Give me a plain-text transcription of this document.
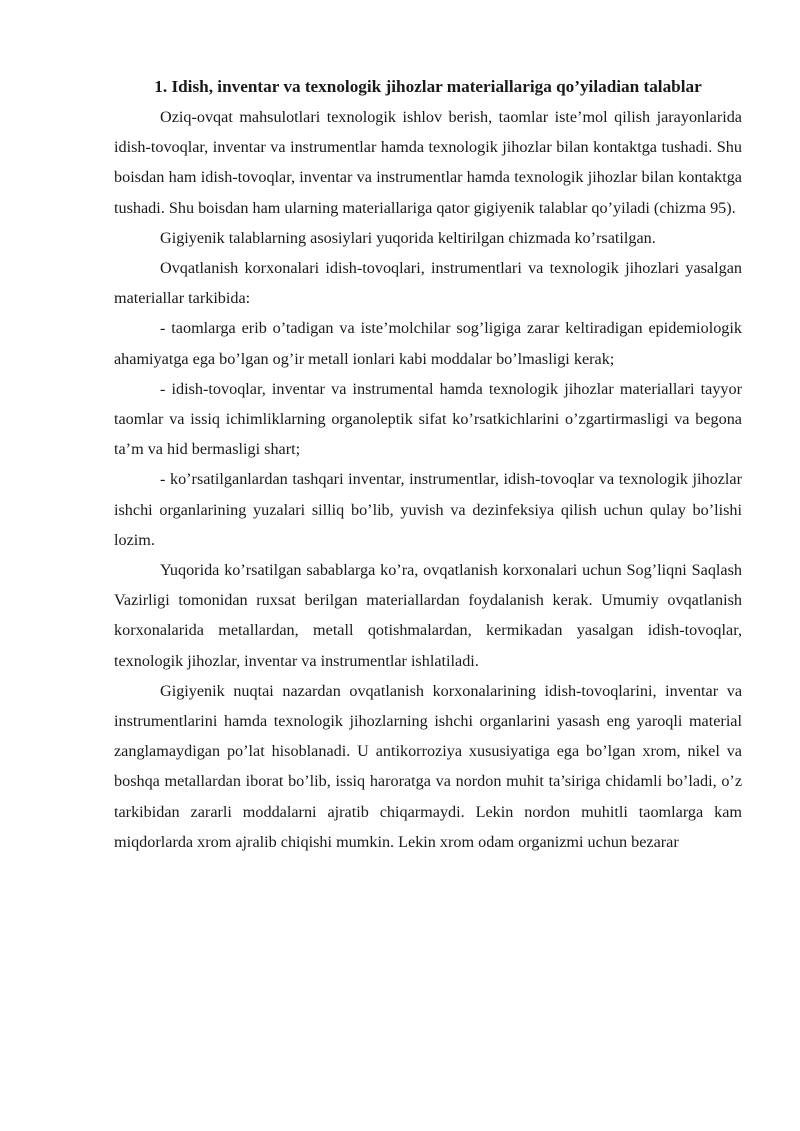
1. Idish, inventar va texnologik jihozlar materiallariga qo’yiladian talablar

Oziq-ovqat mahsulotlari texnologik ishlov berish, taomlar iste’mol qilish jarayonlarida idish-tovoqlar, inventar va instrumentlar hamda texnologik jihozlar bilan kontaktga tushadi. Shu boisdan ham idish-tovoqlar, inventar va instrumentlar hamda texnologik jihozlar bilan kontaktga tushadi. Shu boisdan ham ularning materiallariga qator gigiyenik talablar qo’yiladi (chizma 95).

Gigiyenik talablarning asosiylari yuqorida keltirilgan chizmada ko’rsatilgan.

Ovqatlanish korxonalari idish-tovoqlari, instrumentlari va texnologik jihozlari yasalgan materiallar tarkibida:

- taomlarga erib o’tadigan va iste’molchilar sog’ligiga zarar keltiradigan epidemiologik ahamiyatga ega bo’lgan og’ir metall ionlari kabi moddalar bo’lmasligi kerak;

- idish-tovoqlar, inventar va instrumental hamda texnologik jihozlar materiallari tayyor taomlar va issiq ichimliklarning organoleptik sifat ko’rsatkichlarini o’zgartirmasligi va begona ta’m va hid bermasligi shart;

- ko’rsatilganlardan tashqari inventar, instrumentlar, idish-tovoqlar va texnologik jihozlar ishchi organlarining yuzalari silliq bo’lib, yuvish va dezinfeksiya qilish uchun qulay bo’lishi lozim.

Yuqorida ko’rsatilgan sabablarga ko’ra, ovqatlanish korxonalari uchun Sog’liqni Saqlash Vazirligi tomonidan ruxsat berilgan materiallardan foydalanish kerak. Umumiy ovqatlanish korxonalarida metallardan, metall qotishmalardan, kermikadan yasalgan idish-tovoqlar, texnologik jihozlar, inventar va instrumentlar ishlatiladi.

Gigiyenik nuqtai nazardan ovqatlanish korxonalarining idish-tovoqlarini, inventar va instrumentlarini hamda texnologik jihozlarning ishchi organlarini yasash eng yaroqli material zanglamaydigan po’lat hisoblanadi. U antikorroziya xususiyatiga ega bo’lgan xrom, nikel va boshqa metallardan iborat bo’lib, issiq haroratga va nordon muhit ta’siriga chidamli bo’ladi, o’z tarkibidan zararli moddalarni ajratib chiqarmaydi. Lekin nordon muhitli taomlarga kam miqdorlarda xrom ajralib chiqishi mumkin. Lekin xrom odam organizmi uchun bezarar
